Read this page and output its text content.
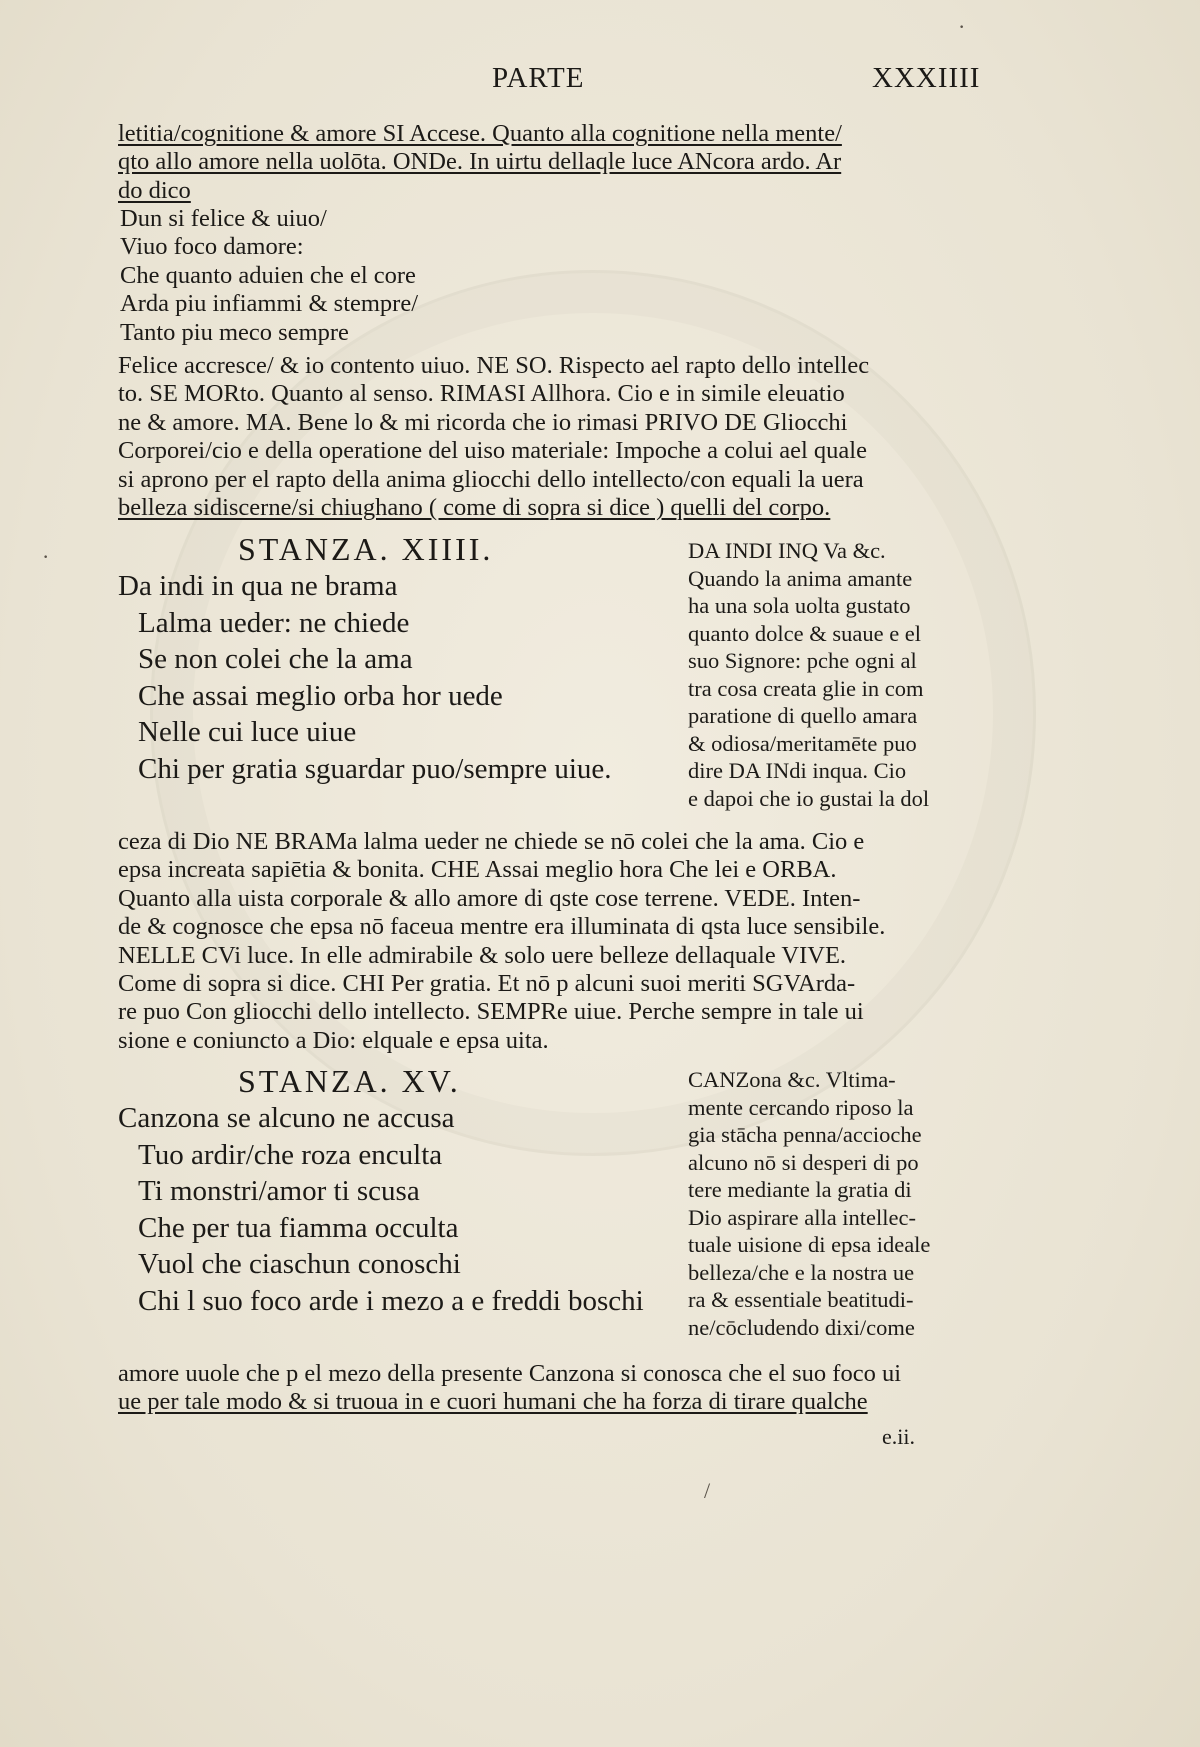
PARTE	XXXIIII
letitia/cognitione & amore SI Accese. Quanto alla cognitione nella mente/
qto allo amore nella uolōta. ONDe. In uirtu dellaqle luce ANcora ardo. Ar
do dico
Dun si felice & uiuo/
Viuo foco damore:
Che quanto aduien che el core
Arda piu infiammi & stempre/
Tanto piu meco sempre
Felice accresce/ & io contento uiuo. NE SO. Rispecto ael rapto dello intellec
to. SE MORto. Quanto al senso. RIMASI Allhora. Cio e in simile eleuatio
ne & amore. MA. Bene lo & mi ricorda che io rimasi PRIVO DE Gliocchi
Corporei/cio e della operatione del uiso materiale: Impoche a colui ael quale
si aprono per el rapto della anima gliocchi dello intellecto/con equali la uera
belleza sidiscerne/si chiughano ( come di sopra si dice ) quelli del corpo.
STANZA. XIIII.
Da indi in qua ne brama
Lalma ueder: ne chiede
Se non colei che la ama
Che assai meglio orba hor uede
Nelle cui luce uiue
Chi per gratia sguardar puo/sempre uiue.
DA INDI INQ Va &c.
Quando la anima amante
ha una sola uolta gustato
quanto dolce & suaue e el
suo Signore: pche ogni al
tra cosa creata glie in com
paratione di quello amara
& odiosa/meritamēte puo
dire DA INdi inqua. Cio
e dapoi che io gustai la dol
ceza di Dio NE BRAMa lalma ueder ne chiede se nō colei che la ama. Cio e
epsa increata sapiētia & bonita. CHE Assai meglio hora Che lei e ORBA.
Quanto alla uista corporale & allo amore di qste cose terrene. VEDE. Inten-
de & cognosce che epsa nō faceua mentre era illuminata di qsta luce sensibile.
NELLE CVi luce. In elle admirabile & solo uere belleze dellaquale VIVE.
Come di sopra si dice. CHI Per gratia. Et nō p alcuni suoi meriti SGVArda-
re puo Con gliocchi dello intellecto. SEMPRe uiue. Perche sempre in tale ui
sione e coniuncto a Dio: elquale e epsa uita.
STANZA. XV.
Canzona se alcuno ne accusa
Tuo ardir/che roza enculta
Ti monstri/amor ti scusa
Che per tua fiamma occulta
Vuol che ciaschun conoschi
Chi l suo foco arde i mezo a e freddi boschi
CANZona &c. Vltima-
mente cercando riposo la
gia stācha penna/accioche
alcuno nō si desperi di po
tere mediante la gratia di
Dio aspirare alla intellec-
tuale uisione di epsa ideale
belleza/che e la nostra ue
ra & essentiale beatitudi-
ne/cōcludendo dixi/come
amore uuole che p el mezo della presente Canzona si conosca che el suo foco ui
ue per tale modo & si truoua in e cuori humani che ha forza di tirare qualche
e.ii.
·
·
/
